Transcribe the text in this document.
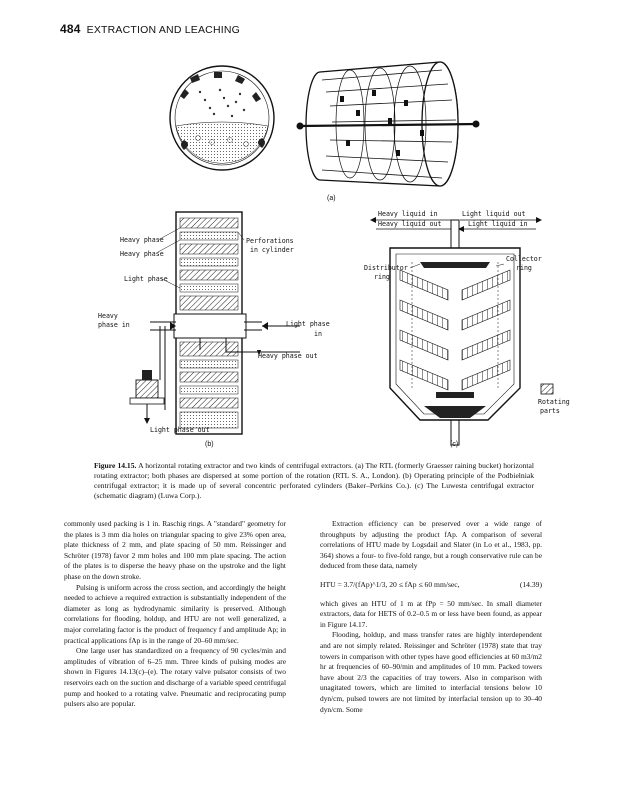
484 EXTRACTION AND LEACHING
(a)
Heavy phase
Heavy phase
Light phase
Perforations
in cylinder
Heavy
phase in	Light phase
in
Heavy phase out
Light phase out
(b)
Heavy liquid in	Light liquid out
Heavy liquid out	Light liquid in
Distributor
ring
Collector
ring
Rotating
parts
(c)
Figure 14.15. A horizontal rotating extractor and two kinds of centrifugal extractors. (a) The RTL (formerly Graesser raining bucket) horizontal rotating extractor; both phases are dispersed at some portion of the rotation (RTL S. A., London). (b) Operating principle of the Podbielniak centrifugal extractor; it is made up of several concentric perforated cylinders (Baker–Perkins Co.). (c) The Luwesta centrifugal extractor (schematic diagram) (Luwa Corp.).

commonly used packing is 1 in. Raschig rings. A "standard" geometry for the plates is 3 mm dia holes on triangular spacing to give 23% open area, plate thickness of 2 mm, and plate spacing of 50 mm. Reissinger and Schröter (1978) favor 2 mm holes and 100 mm plate spacing. The action of the plates is to disperse the heavy phase on the upstroke and the light phase on the down stroke.

Pulsing is uniform across the cross section, and accordingly the height needed to achieve a required extraction is substantially independent of the diameter as long as hydrodynamic similarity is preserved. Although correlations for flooding, holdup, and HTU are not well generalized, a major correlating factor is the product of frequency f and amplitude Ap; in practical applications fAp is in the range of 20–60 mm/sec.

One large user has standardized on a frequency of 90 cycles/min and amplitudes of vibration of 6–25 mm. Three kinds of pulsing modes are shown in Figures 14.13(c)–(e). The rotary valve pulsator consists of two reservoirs each on the suction and discharge of a variable speed centrifugal pump and hooked to a rotating valve. Pneumatic and reciprocating pump pulsers also are popular.

Extraction efficiency can be preserved over a wide range of throughputs by adjusting the product fAp. A comparison of several correlations of HTU made by Logsdail and Slater (in Lo et al., 1983, pp. 364) shows a four- to five-fold range, but a rough conservative rule can be deduced from these data, namely

HTU = 3.7/(fAp)^1/3, 20 ≤ fAp ≤ 60 mm/sec,	(14.39)

which gives an HTU of 1 m at fPp = 50 mm/sec. In small diameter extractors, data for HETS of 0.2–0.5 m or less have been found, as appear in Figure 14.17.

Flooding, holdup, and mass transfer rates are highly interdependent and are not simply related. Reissinger and Schröter (1978) state that tray towers in comparison with other types have good efficiencies at 60 m3/m2 hr at frequencies of 60–90/min and amplitudes of 10 mm. Packed towers have about 2/3 the capacities of tray towers. Also in comparison with unagitated towers, which are limited to interfacial tensions below 10 dyn/cm, pulsed towers are not limited by interfacial tension up to 30–40 dyn/cm. Some
